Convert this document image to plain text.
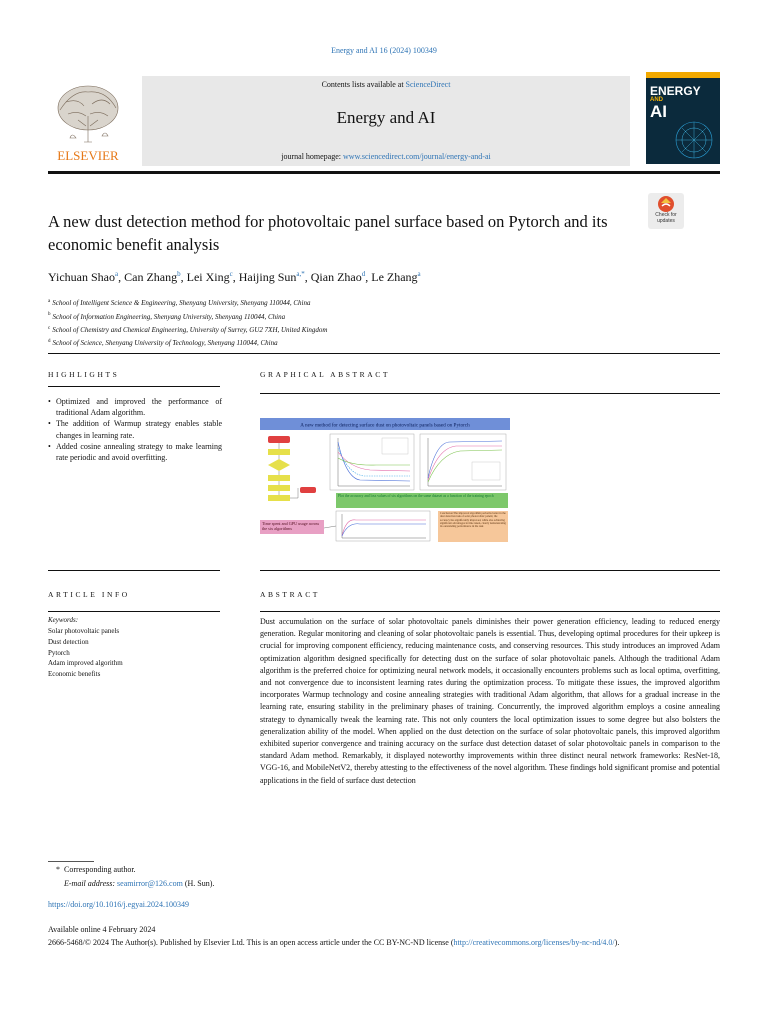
Energy and AI 16 (2024) 100349
ELSEVIER
Contents lists available at ScienceDirect
Energy and AI
journal homepage: www.sciencedirect.com/journal/energy-and-ai
ENERGY
AND
AI
A new dust detection method for photovoltaic panel surface based on Pytorch and its economic benefit analysis
Check for updates
Yichuan Shao$^a$, Can Zhang$^b$, Lei Xing$^c$, Haijing Sun$^{a,*}$, Qian Zhao$^d$, Le Zhang$^a$
$^a$ School of Intelligent Science & Engineering, Shenyang University, Shenyang 110044, China
$^b$ School of Information Engineering, Shenyang University, Shenyang 110044, China
$^c$ School of Chemistry and Chemical Engineering, University of Surrey, GU2 7XH, United Kingdom
$^d$ School of Science, Shenyang University of Technology, Shenyang 110044, China
HIGHLIGHTS
• Optimized and improved the performance of traditional Adam algorithm.
• The addition of Warmup strategy enables stable changes in learning rate.
• Added cosine annealing strategy to make learning rate periodic and avoid overfitting.
GRAPHICAL ABSTRACT
A new method for detecting surface dust on photovoltaic panels based on Pytorch
Plot the accuracy and loss values of six algorithms on the same dataset as a function of the training epoch
Time spent and GPU usage across the six algorithms
Conclusion:The improved algorithm performs better in the dust detection task of solar photovoltaic panels; the accuracy has significantly improved, while also achieving significant advantages in time taken, clearly demonstrating its outstanding performance in the task
ARTICLE INFO
Keywords:
Solar photovoltaic panels
Dust detection
Pytorch
Adam improved algorithm
Economic benefits
ABSTRACT

Dust accumulation on the surface of solar photovoltaic panels diminishes their power generation efficiency, leading to reduced energy generation. Regular monitoring and cleaning of solar photovoltaic panels is essential. Thus, developing optimal procedures for their upkeep is crucial for improving component efficiency, reducing maintenance costs, and conserving resources. This study introduces an improved Adam optimization algorithm designed specifically for detecting dust on the surface of solar photovoltaic panels. Although the traditional Adam algorithm is the preferred choice for optimizing neural network models, it occasionally encounters problems such as local optima, overfitting, and not convergence due to inconsistent learning rates during the optimization process. To mitigate these issues, the improved algorithm incorporates Warmup technology and cosine annealing strategies with traditional Adam algorithm, that allows for a gradual increase in the learning rate, ensuring stability in the preliminary phases of training. Concurrently, the improved algorithm employs a cosine annealing strategy to dynamically tweak the learning rate. This not only counters the local optimization issues to some degree but also bolsters the generalization ability of the model. When applied on the dust detection on the surface of solar photovoltaic panels, this improved algorithm exhibited superior convergence and training accuracy on the surface dust detection dataset of solar photovoltaic panels in comparison to the standard Adam method. Remarkably, it displayed noteworthy improvements within three distinct neural network frameworks: ResNet-18, VGG-16, and MobileNetV2, thereby attesting to the effectiveness of the novel algorithm. These findings hold significant promise and potential applications in the field of surface dust detection

* Corresponding author.
E-mail address: seamirror@126.com (H. Sun).
https://doi.org/10.1016/j.egyai.2024.100349
Available online 4 February 2024
2666-5468/© 2024 The Author(s). Published by Elsevier Ltd. This is an open access article under the CC BY-NC-ND license (http://creativecommons.org/licenses/by-nc-nd/4.0/).
